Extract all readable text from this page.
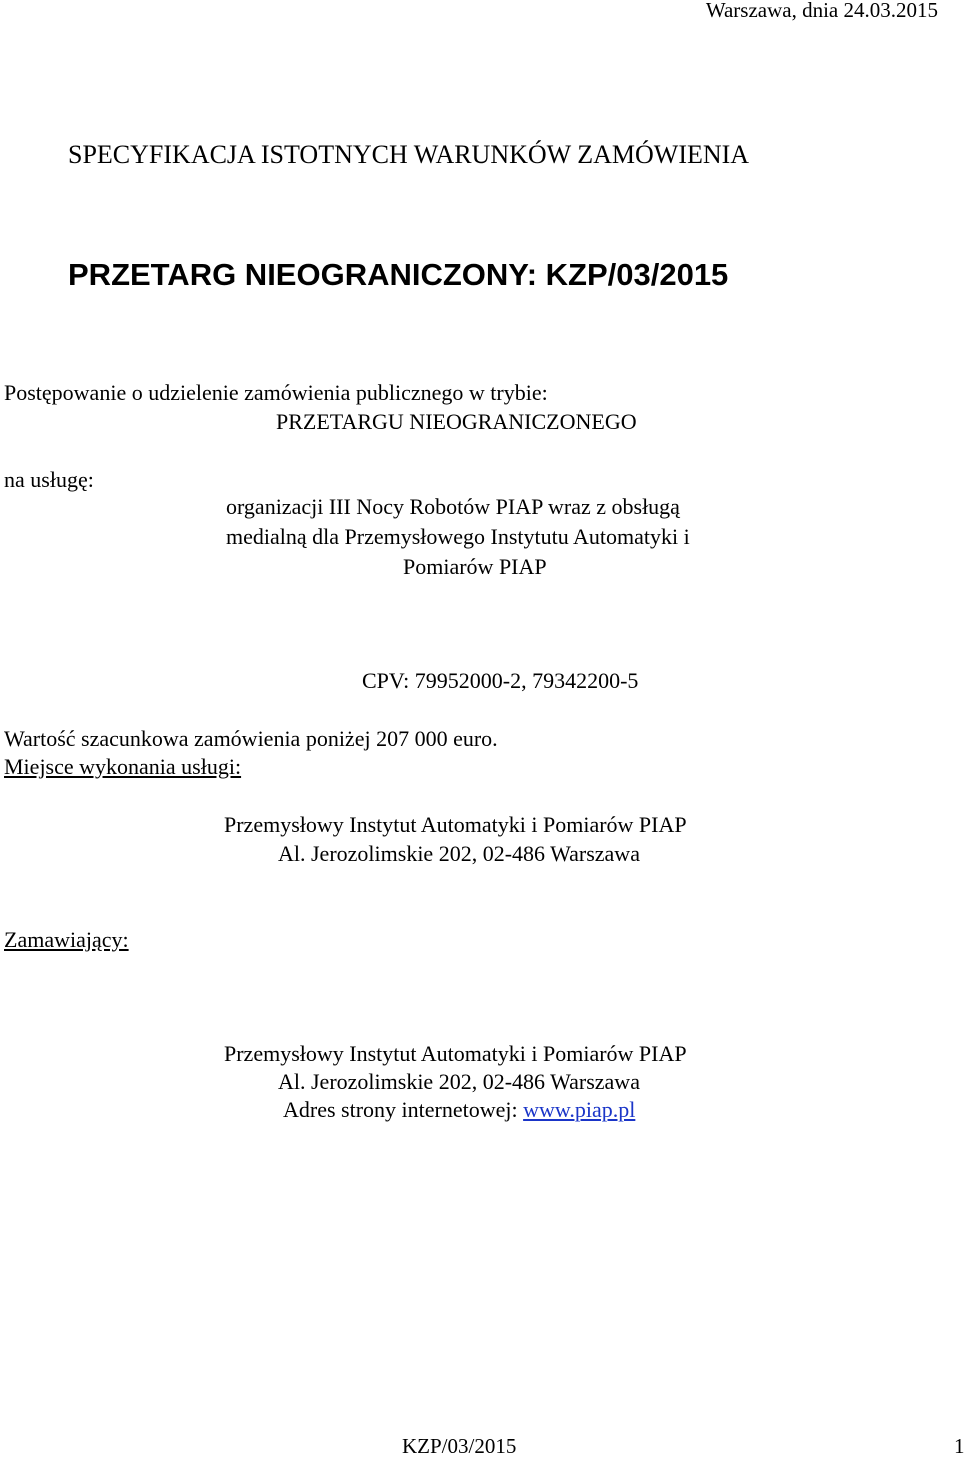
Warszawa, dnia 24.03.2015
SPECYFIKACJA ISTOTNYCH WARUNKÓW ZAMÓWIENIA
PRZETARG NIEOGRANICZONY: KZP/03/2015
Postępowanie o udzielenie zamówienia publicznego w trybie:
PRZETARGU NIEOGRANICZONEGO
na usługę:
organizacji III Nocy Robotów PIAP wraz z obsługą
medialną dla Przemysłowego Instytutu Automatyki i
Pomiarów PIAP
CPV: 79952000-2, 79342200-5
Wartość szacunkowa zamówienia poniżej 207 000 euro.
Miejsce wykonania usługi:
Przemysłowy Instytut Automatyki i Pomiarów PIAP
Al. Jerozolimskie 202, 02-486 Warszawa
Zamawiający:
Przemysłowy Instytut Automatyki i Pomiarów PIAP
Al. Jerozolimskie 202, 02-486 Warszawa
Adres strony internetowej: www.piap.pl
KZP/03/2015	1
